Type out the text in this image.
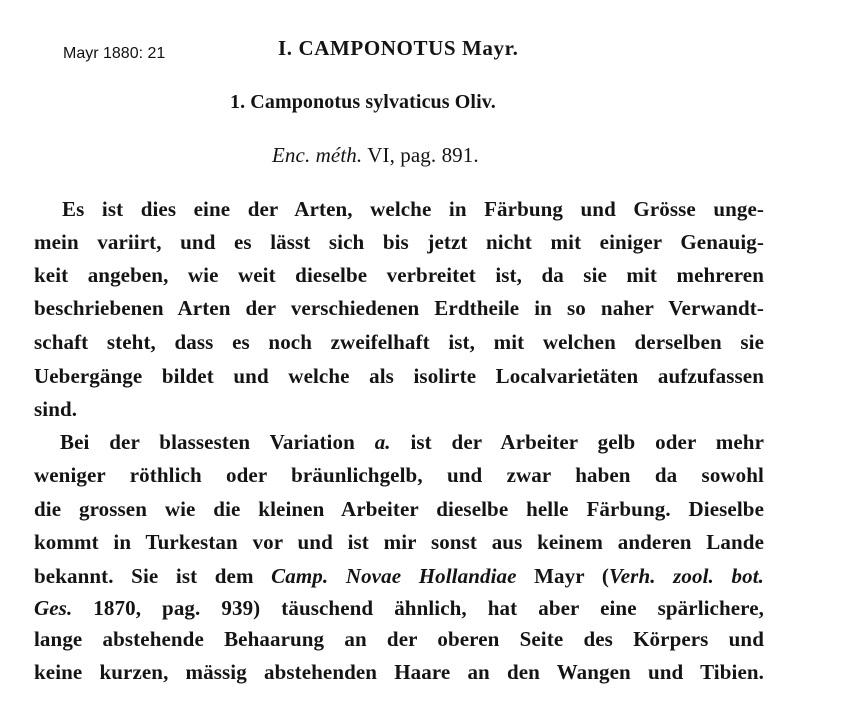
Mayr 1880: 21	I. CAMPONOTUS Mayr.
1. Camponotus sylvaticus Oliv.
Enc. méth. VI, pag. 891.
Es ist dies eine der Arten, welche in Färbung und Grösse unge-
mein variirt, und es lässt sich bis jetzt nicht mit einiger Genauig-
keit angeben, wie weit dieselbe verbreitet ist, da sie mit mehreren
beschriebenen Arten der verschiedenen Erdtheile in so naher Verwandt-
schaft steht, dass es noch zweifelhaft ist, mit welchen derselben sie
Uebergänge bildet und welche als isolirte Localvarietäten aufzufassen
sind.
Bei der blassesten Variation a. ist der Arbeiter gelb oder mehr
weniger röthlich oder bräunlichgelb, und zwar haben da sowohl
die grossen wie die kleinen Arbeiter dieselbe helle Färbung. Dieselbe
kommt in Turkestan vor und ist mir sonst aus keinem anderen Lande
bekannt. Sie ist dem Camp. Novae Hollandiae Mayr (Verh. zool. bot.
Ges. 1870, pag. 939) täuschend ähnlich, hat aber eine spärlichere,
lange abstehende Behaarung an der oberen Seite des Körpers und
keine kurzen, mässig abstehenden Haare an den Wangen und Tibien.
